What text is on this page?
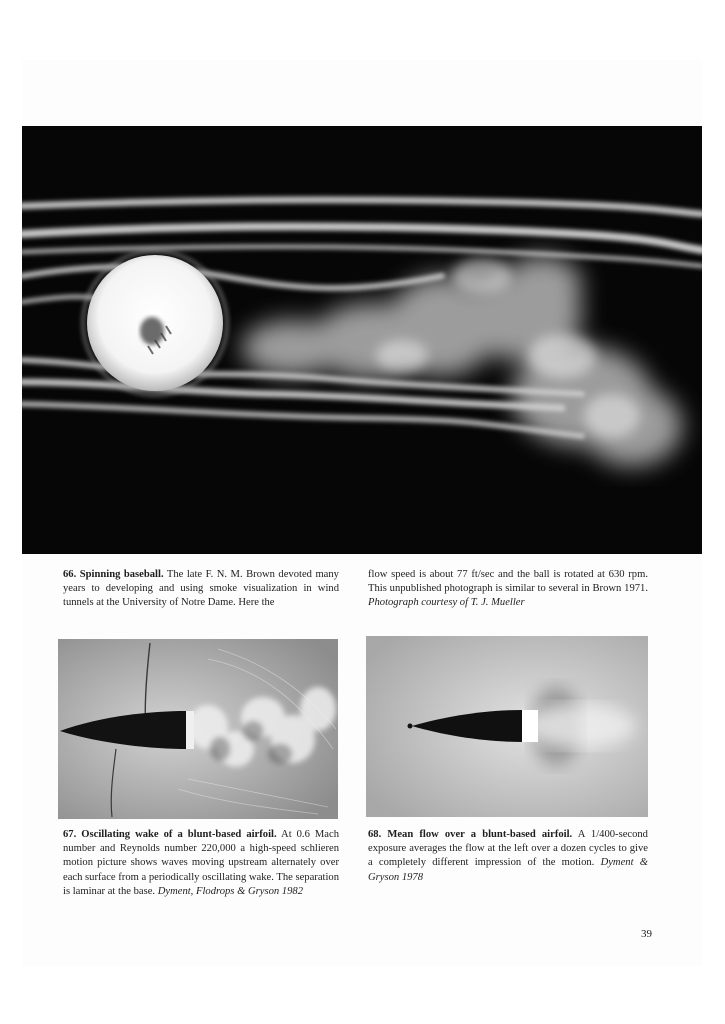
66. Spinning baseball. The late F. N. M. Brown devoted many years to developing and using smoke visualization in wind tunnels at the University of Notre Dame. Here the
flow speed is about 77 ft/sec and the ball is rotated at 630 rpm. This unpublished photograph is similar to several in Brown 1971. Photograph courtesy of T. J. Mueller
67. Oscillating wake of a blunt-based airfoil. At 0.6 Mach number and Reynolds number 220,000 a high-speed schlieren motion picture shows waves moving upstream alternately over each surface from a periodically oscillating wake. The separation is laminar at the base. Dyment, Flodrops & Gryson 1982
68. Mean flow over a blunt-based airfoil. A 1/400-second exposure averages the flow at the left over a dozen cycles to give a completely different impression of the motion. Dyment & Gryson 1978
39
